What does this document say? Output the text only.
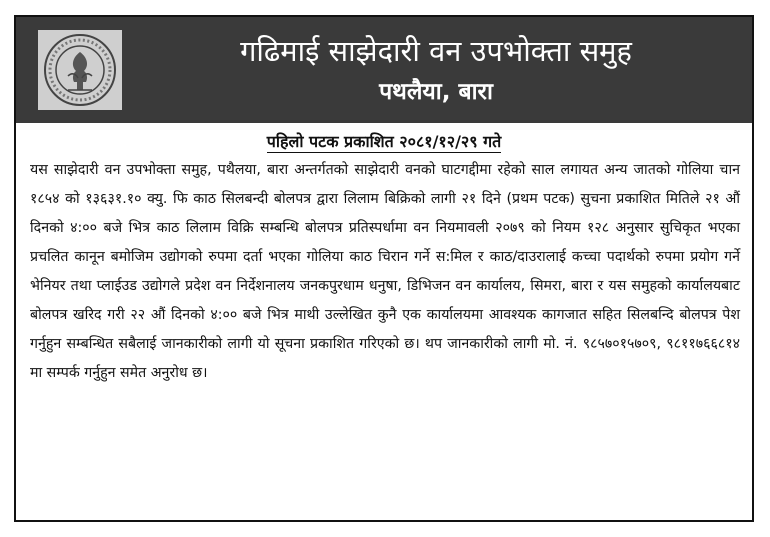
गढिमाई साझेदारी वन उपभोक्ता समुह
पथलैया, बारा
पहिलो पटक प्रकाशित २०८१/१२/२९ गते

यस साझेदारी वन उपभोक्ता समुह, पथैलया, बारा अन्तर्गतको साझेदारी वनको घाटगद्दीमा रहेको साल लगायत अन्य जातको गोलिया चान १८५४ को १३६३१.१० क्यु. फि काठ सिलबन्दी बोलपत्र द्वारा लिलाम बिक्रिको लागी २१ दिने (प्रथम पटक) सुचना प्रकाशित मितिले २१ औं दिनको ४:०० बजे भित्र काठ लिलाम विक्रि सम्बन्धि बोलपत्र प्रतिस्पर्धामा वन नियमावली २०७९ को नियम १२८ अनुसार सुचिकृत भएका प्रचलित कानून बमोजिम उद्योगको रुपमा दर्ता भएका गोलिया काठ चिरान गर्ने स:मिल र काठ/दाउरालाई कच्चा पदार्थको रुपमा प्रयोग गर्ने भेनियर तथा प्लाईउड उद्योगले प्रदेश वन निर्देशनालय जनकपुरधाम धनुषा, डिभिजन वन कार्यालय, सिमरा, बारा र यस समुहको कार्यालयबाट बोलपत्र खरिद गरी २२ औं दिनको ४:०० बजे भित्र माथी उल्लेखित कुनै एक कार्यालयमा आवश्यक कागजात सहित सिलबन्दि बोलपत्र पेश गर्नुहुन सम्बन्धित सबैलाई जानकारीको लागी यो सूचना प्रकाशित गरिएको छ। थप जानकारीको लागी मो. नं. ९८५७०१५७०९, ९८११७६६८१४ मा सम्पर्क गर्नुहुन समेत अनुरोध छ।
